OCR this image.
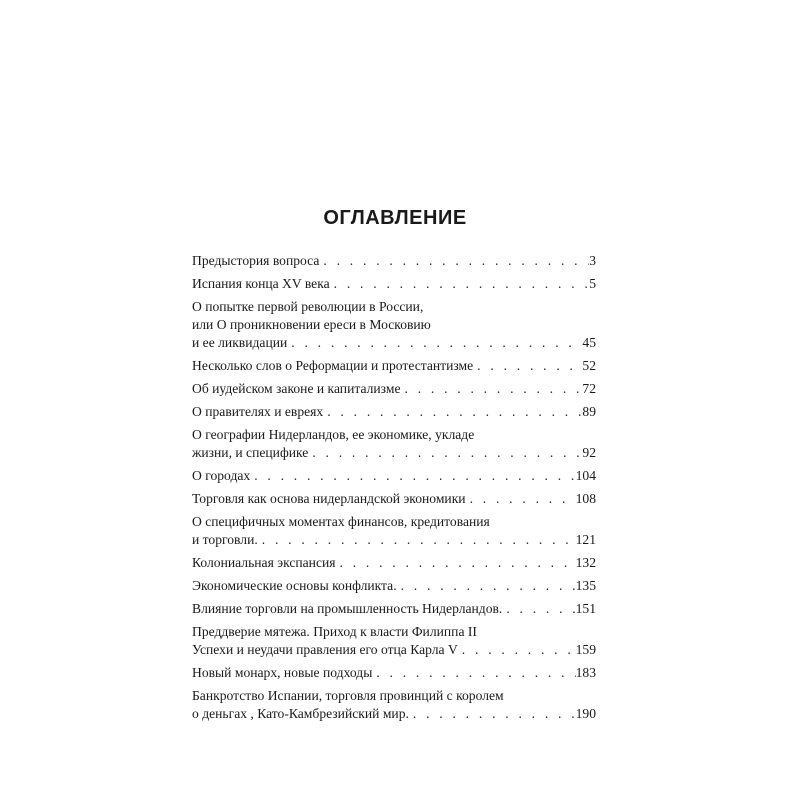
ОГЛАВЛЕНИЕ
Предыстория вопроса . . .	3
Испания конца XV века . . .	5
О попытке первой революции в России,
или О проникновении ереси в Московию
и ее ликвидации . . .	45
Несколько слов о Реформации и протестантизме . . .	52
Об иудейском законе и капитализме . . .	72
О правителях и евреях . . .	89
О географии Нидерландов, ее экономике, укладе
жизни, и специфике . . .	92
О городах . . .	104
Торговля как основа нидерландской экономики . . .	108
О специфичных моментах финансов, кредитования
и торговли. . . .	121
Колониальная экспансия . . .	132
Экономические основы конфликта. . . .	135
Влияние торговли на промышленность Нидерландов. . . .	151
Преддверие мятежа. Приход к власти Филиппа II
Успехи и неудачи правления его отца Карла V . . .	159
Новый монарх, новые подходы . . .	183
Банкротство Испании, торговля провинций с королем
о деньгах , Като-Камбрезийский мир. . . .	190
